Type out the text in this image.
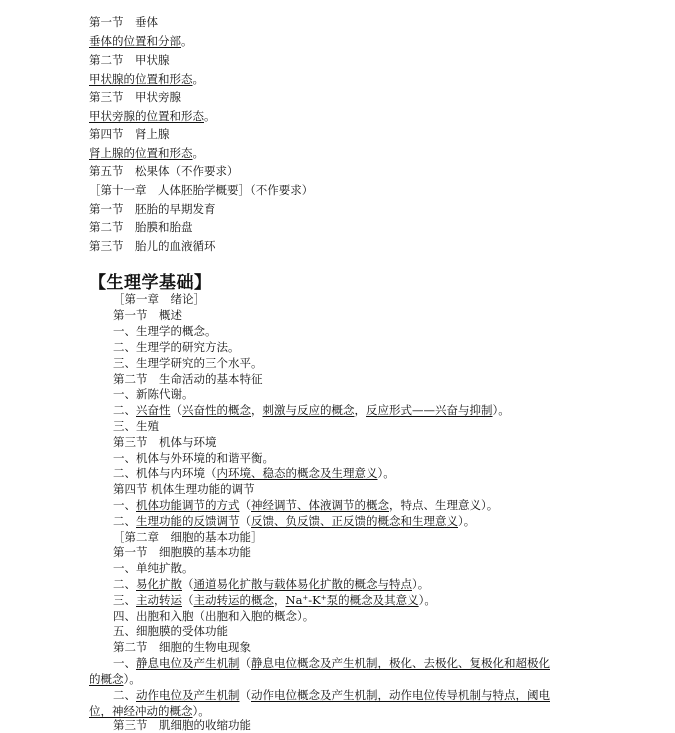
第一节　垂体
垂体的位置和分部。
第二节　甲状腺
甲状腺的位置和形态。
第三节　甲状旁腺
甲状旁腺的位置和形态。
第四节　肾上腺
肾上腺的位置和形态。
第五节　松果体（不作要求）
［第十一章　人体胚胎学概要］（不作要求）
第一节　胚胎的早期发育
第二节　胎膜和胎盘
第三节　胎儿的血液循环
【生理学基础】
［第一章　绪论］
第一节　概述
一、生理学的概念。
二、生理学的研究方法。
三、生理学研究的三个水平。
第二节　生命活动的基本特征
一、新陈代谢。
二、兴奋性（兴奋性的概念，刺激与反应的概念，反应形式——兴奋与抑制）。
三、生殖
第三节　机体与环境
一、机体与外环境的和谐平衡。
二、机体与内环境（内环境、稳态的概念及生理意义）。
第四节 机体生理功能的调节
一、机体功能调节的方式（神经调节、体液调节的概念，特点、生理意义）。
二、生理功能的反馈调节（反馈、负反馈、正反馈的概念和生理意义）。
［第二章　细胞的基本功能］
第一节　细胞膜的基本功能
一、单纯扩散。
二、易化扩散（通道易化扩散与载体易化扩散的概念与特点）。
三、主动转运（主动转运的概念，Na+-K+泵的概念及其意义）。
四、出胞和入胞（出胞和入胞的概念）。
五、细胞膜的受体功能
第二节　细胞的生物电现象
一、静息电位及产生机制（静息电位概念及产生机制，极化、去极化、复极化和超极化
的概念）。
二、动作电位及产生机制（动作电位概念及产生机制，动作电位传导机制与特点，阈电
位，神经冲动的概念）。
第三节　肌细胞的收缩功能
